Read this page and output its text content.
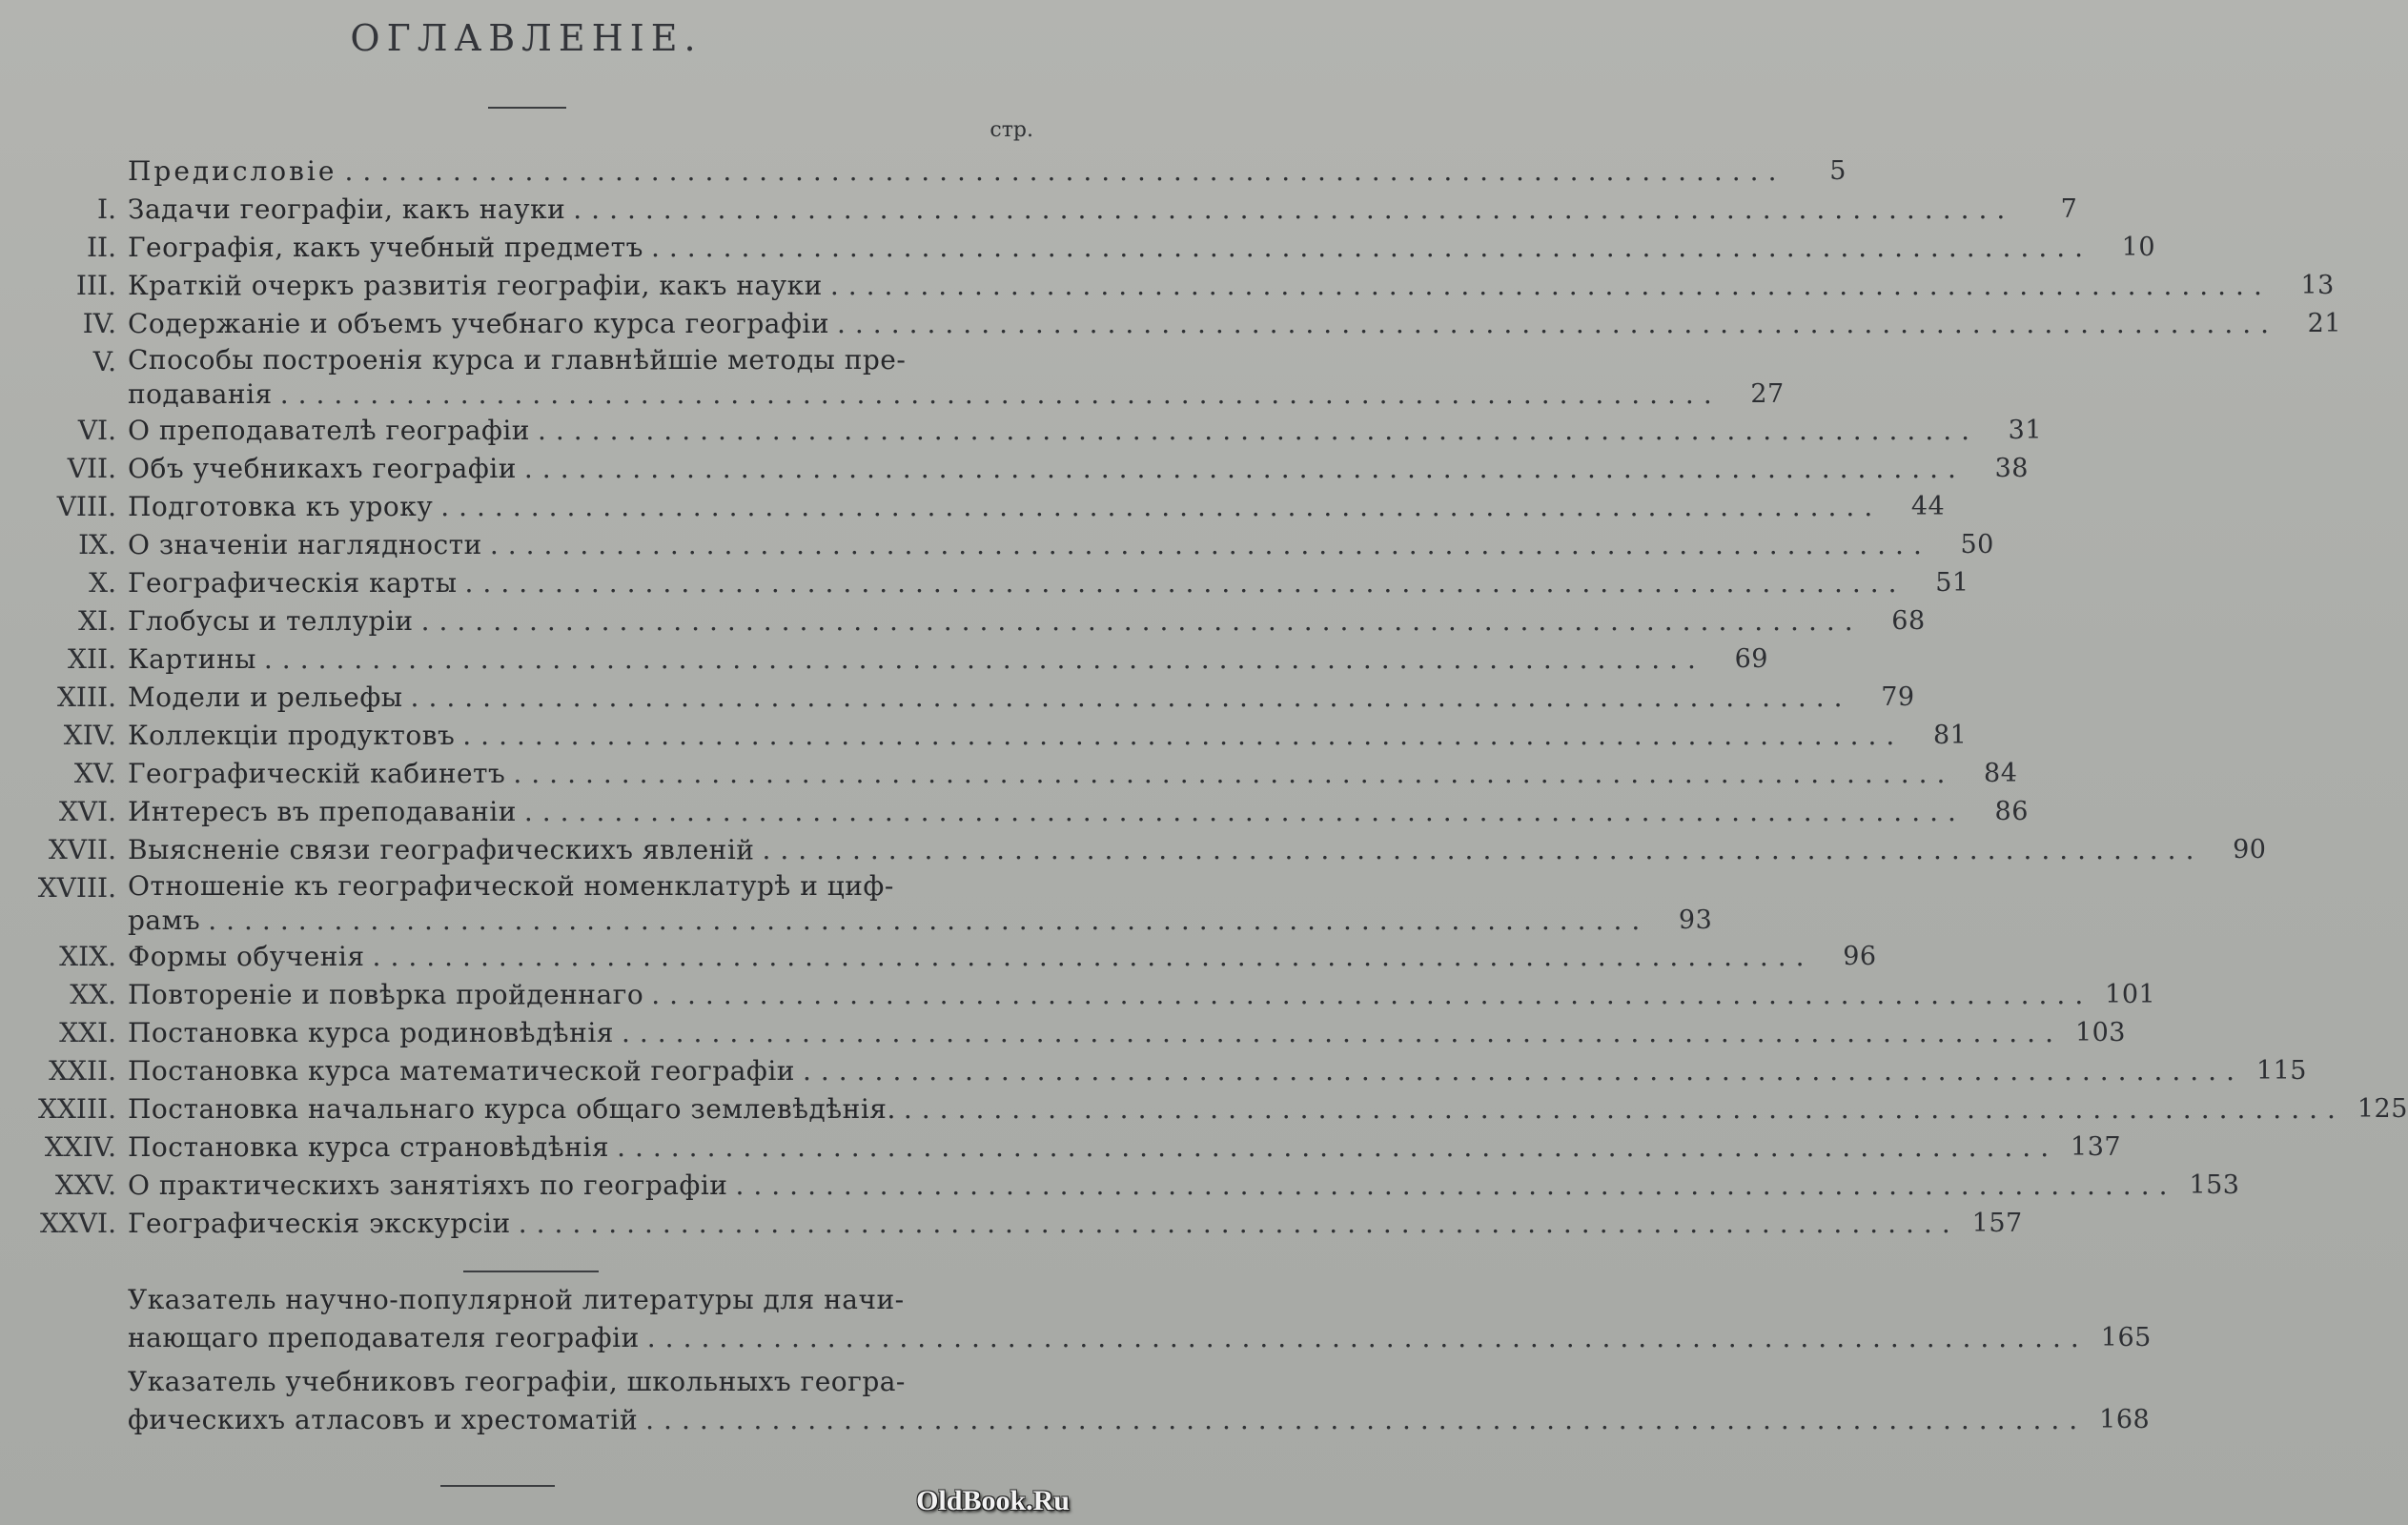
ОГЛАВЛЕНІЕ.
стр.
Предисловіе ................................................................................	5
I. Задачи географіи, какъ науки ................................................................................	7
II. Географія, какъ учебный предметъ ................................................................................	10
III. Краткій очеркъ развитія географіи, какъ науки ................................................................................	13
IV. Содержаніе и объемъ учебнаго курса географіи ................................................................................	21
V. Способы построенія курса и главнѣйшіе методы пре-
подаванія ................................................................................	27
VI. О преподавателѣ географіи ................................................................................	31
VII. Объ учебникахъ географіи ................................................................................	38
VIII. Подготовка къ уроку ................................................................................	44
IX. О значеніи наглядности ................................................................................	50
X. Географическія карты ................................................................................	51
XI. Глобусы и теллуріи ................................................................................	68
XII. Картины ................................................................................	69
XIII. Модели и рельефы ................................................................................	79
XIV. Коллекціи продуктовъ ................................................................................	81
XV. Географическій кабинетъ ................................................................................	84
XVI. Интересъ въ преподаваніи ................................................................................	86
XVII. Выясненіе связи географическихъ явленій ................................................................................	90
XVIII. Отношеніе къ географической номенклатурѣ и циф-
рамъ ................................................................................	93
XIX. Формы обученія ................................................................................	96
XX. Повтореніе и повѣрка пройденнаго ................................................................................ 101
XXI. Постановка курса родиновѣдѣнія ................................................................................ 103
XXII. Постановка курса математической географіи ................................................................................ 115
XXIII. Постановка начальнаго курса общаго землевѣдѣнія. ................................................................................ 125
XXIV. Постановка курса страновѣдѣнія ................................................................................ 137
XXV. О практическихъ занятіяхъ по географіи ................................................................................ 153
XXVI. Географическія экскурсіи ................................................................................ 157
Указатель научно-популярной литературы для начи-
нающаго преподавателя географіи ................................................................................ 165
Указатель учебниковъ географіи, школьныхъ геогра-
фическихъ атласовъ и хрестоматій ................................................................................ 168
OldBook.Ru
